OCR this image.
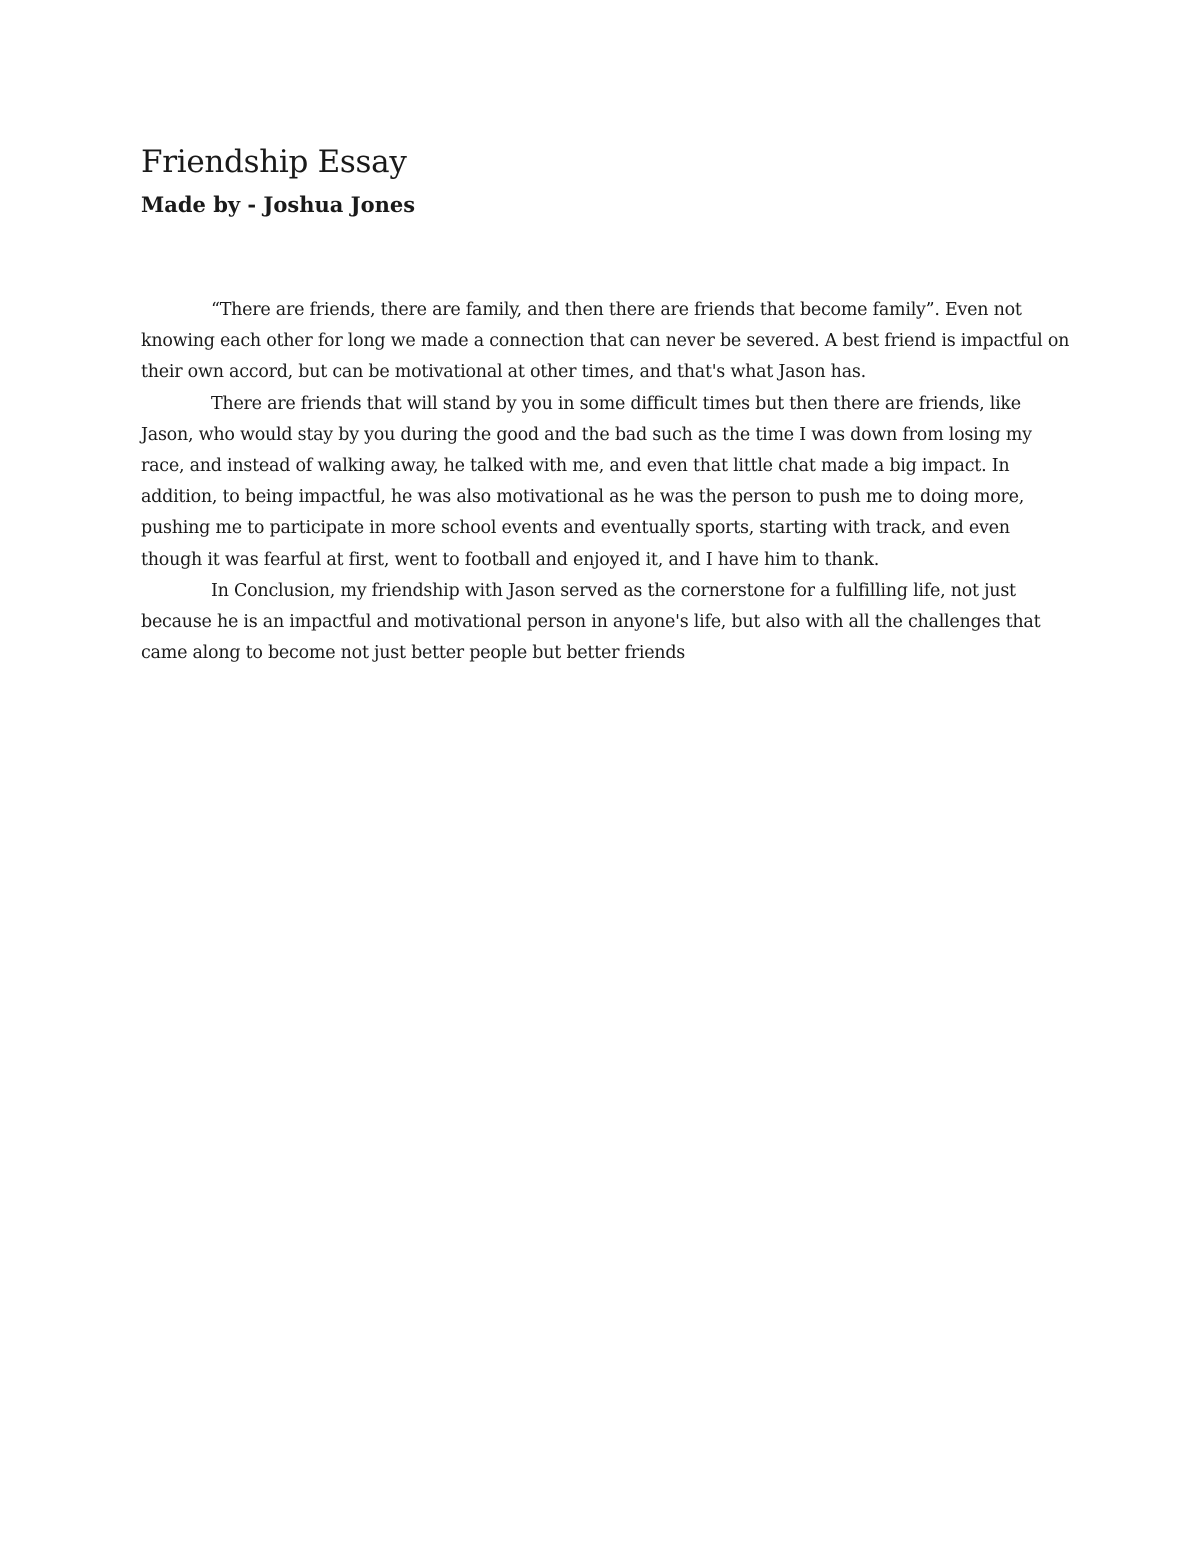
Friendship Essay
Made by - Joshua Jones

“There are friends, there are family, and then there are friends that become family”. Even not knowing each other for long we made a connection that can never be severed. A best friend is impactful on their own accord, but can be motivational at other times, and that's what Jason has.

There are friends that will stand by you in some difficult times but then there are friends, like Jason, who would stay by you during the good and the bad such as the time I was down from losing my race, and instead of walking away, he talked with me, and even that little chat made a big impact. In addition, to being impactful, he was also motivational as he was the person to push me to doing more, pushing me to participate in more school events and eventually sports, starting with track, and even though it was fearful at first, went to football and enjoyed it, and I have him to thank.

In Conclusion, my friendship with Jason served as the cornerstone for a fulfilling life, not just because he is an impactful and motivational person in anyone's life, but also with all the challenges that came along to become not just better people but better friends
